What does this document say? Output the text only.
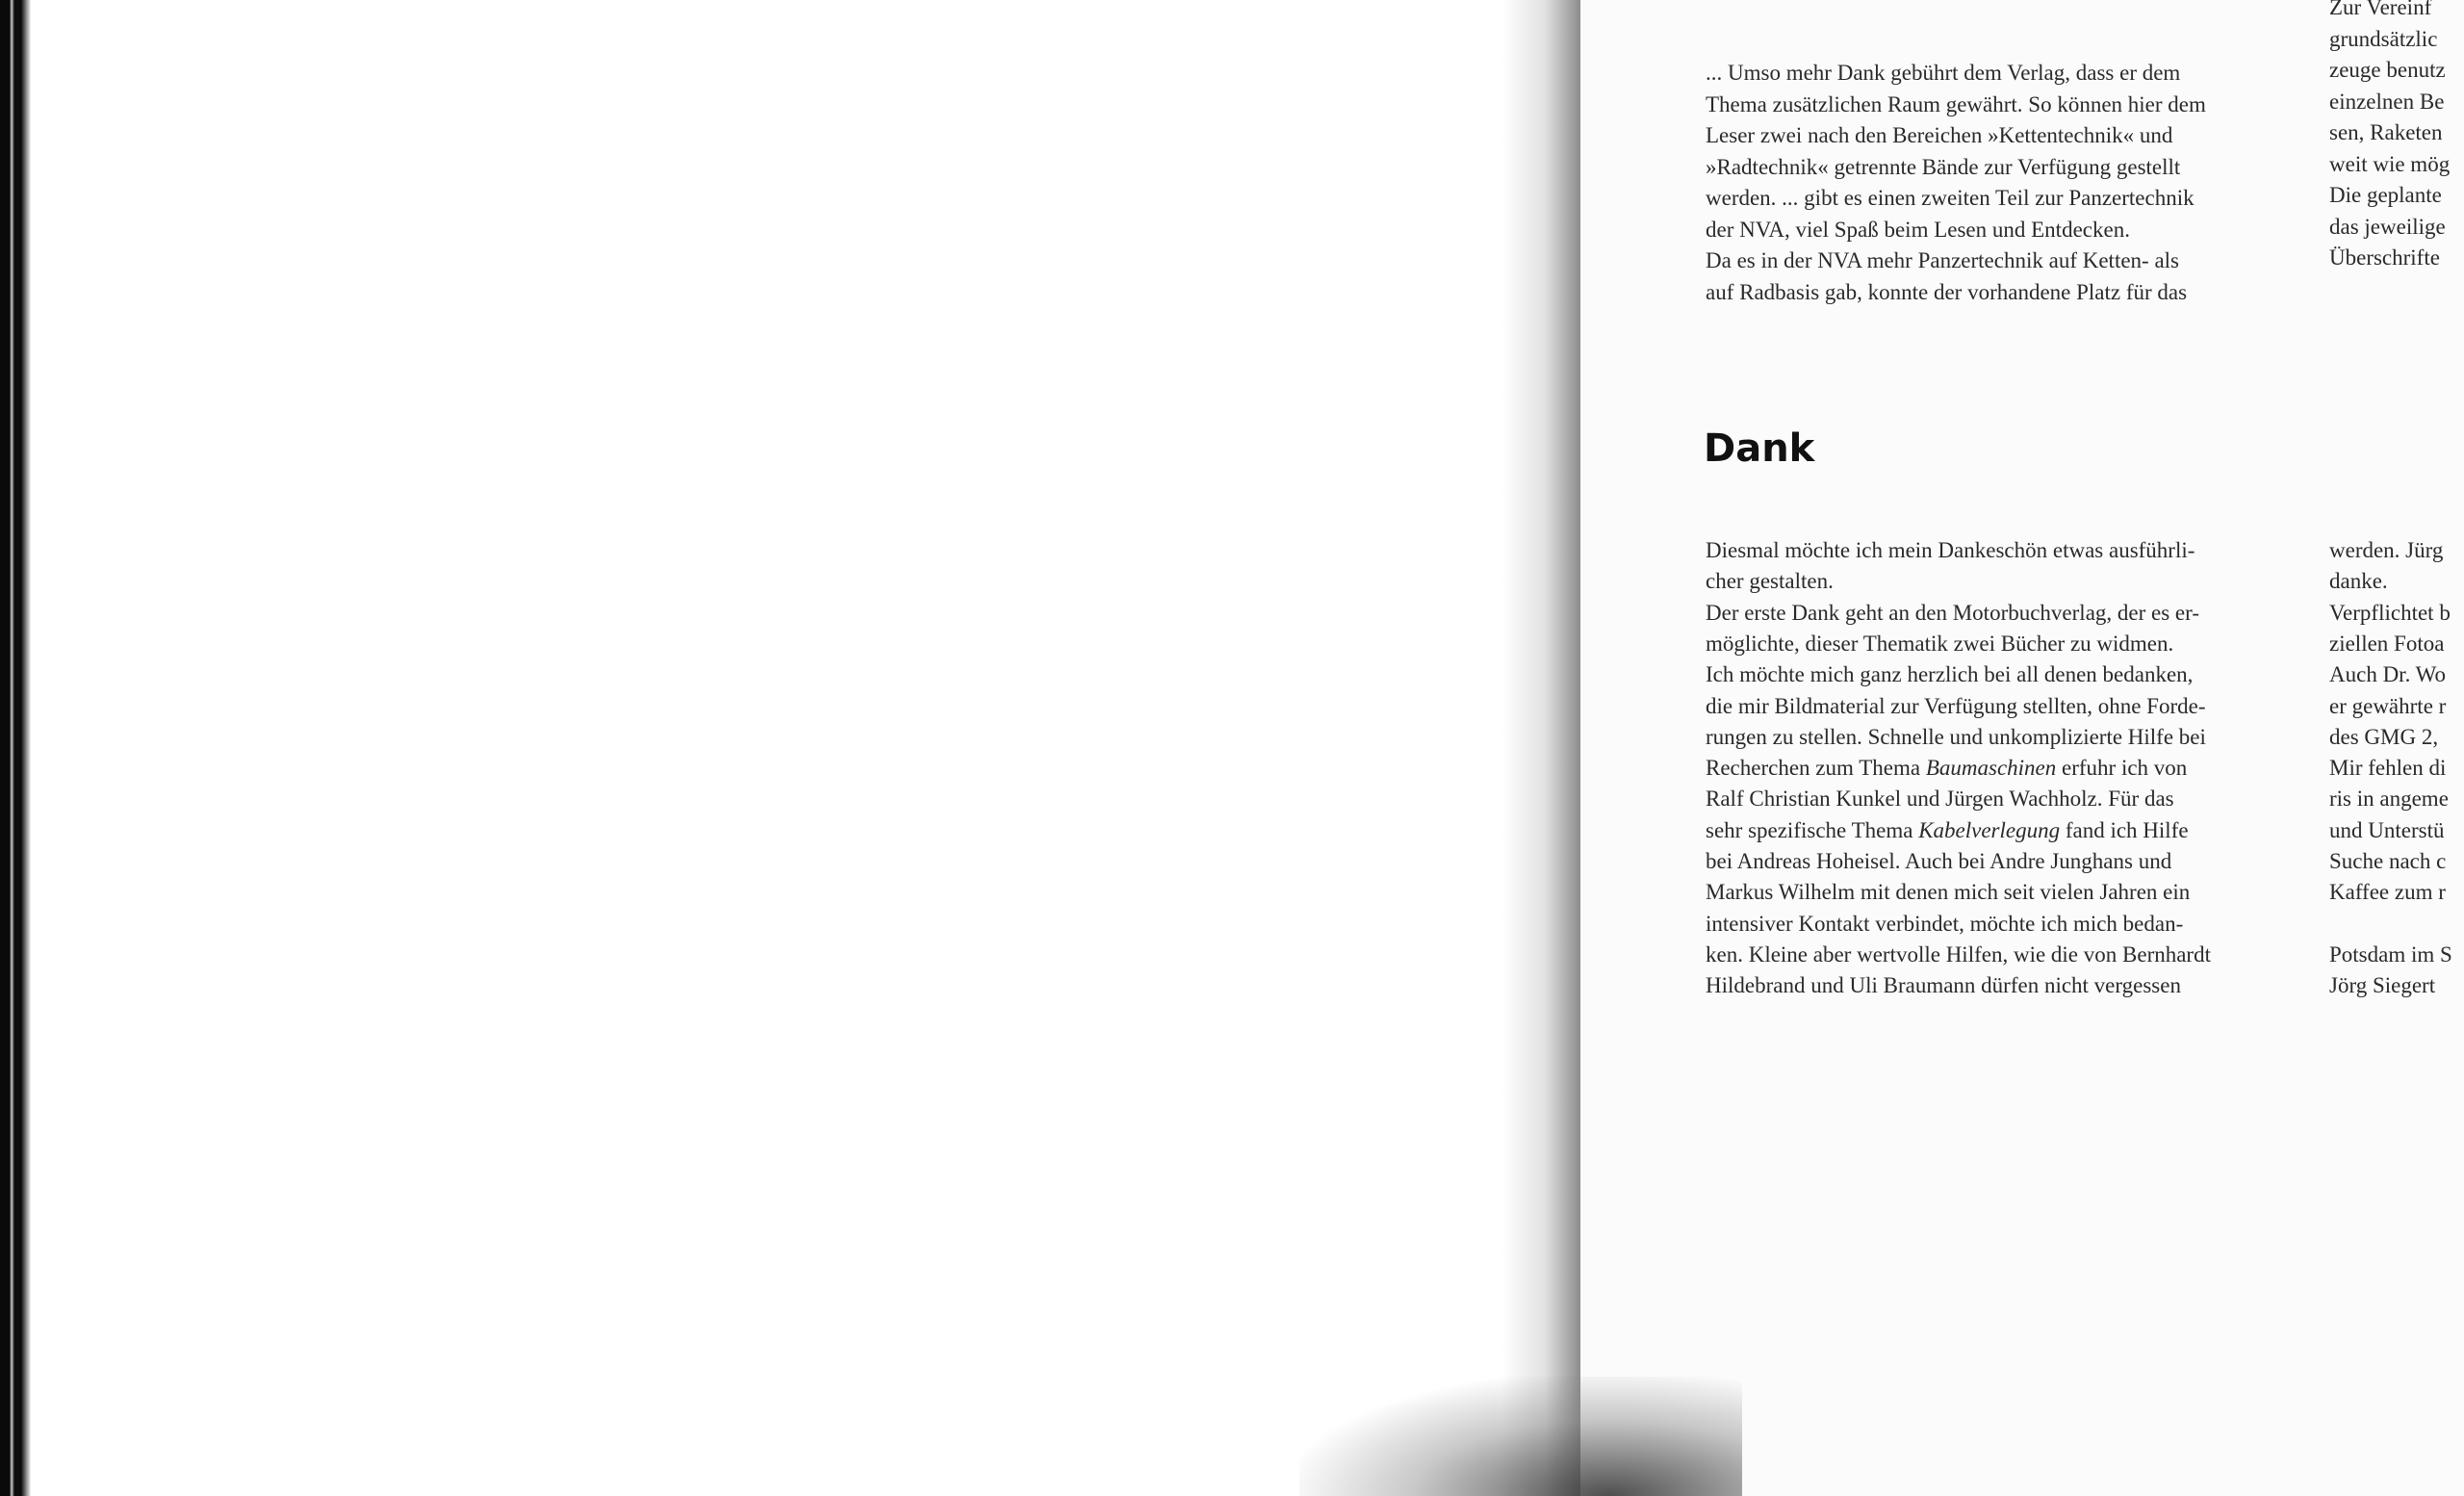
... Umso mehr Dank gebührt dem Verlag, dass er dem
Thema zusätzlichen Raum gewährt. So können hier dem
Leser zwei nach den Bereichen »Kettentechnik« und
»Radtechnik« getrennte Bände zur Verfügung gestellt
werden. ... gibt es einen zweiten Teil zur Panzertechnik
der NVA, viel Spaß beim Lesen und Entdecken.
Da es in der NVA mehr Panzertechnik auf Ketten- als
auf Radbasis gab, konnte der vorhandene Platz für das
Zur Vereinf
grundsätzlic
zeuge benutz
einzelnen Be
sen, Raketen
weit wie mög
Die geplante
das jeweilige
Überschrifte
Dank
Diesmal möchte ich mein Dankeschön etwas ausführli-
cher gestalten.
Der erste Dank geht an den Motorbuchverlag, der es er-
möglichte, dieser Thematik zwei Bücher zu widmen.
Ich möchte mich ganz herzlich bei all denen bedanken,
die mir Bildmaterial zur Verfügung stellten, ohne Forde-
rungen zu stellen. Schnelle und unkomplizierte Hilfe bei
Recherchen zum Thema Baumaschinen erfuhr ich von
Ralf Christian Kunkel und Jürgen Wachholz. Für das
sehr spezifische Thema Kabelverlegung fand ich Hilfe
bei Andreas Hoheisel. Auch bei Andre Junghans und
Markus Wilhelm mit denen mich seit vielen Jahren ein
intensiver Kontakt verbindet, möchte ich mich bedan-
ken. Kleine aber wertvolle Hilfen, wie die von Bernhardt
Hildebrand und Uli Braumann dürfen nicht vergessen
werden. Jürg
danke.
Verpflichtet b
ziellen Fotoa
Auch Dr. Wo
er gewährte r
des GMG 2,
Mir fehlen di
ris in angeme
und Unterstü
Suche nach c
Kaffee zum r
Potsdam im S
Jörg Siegert
